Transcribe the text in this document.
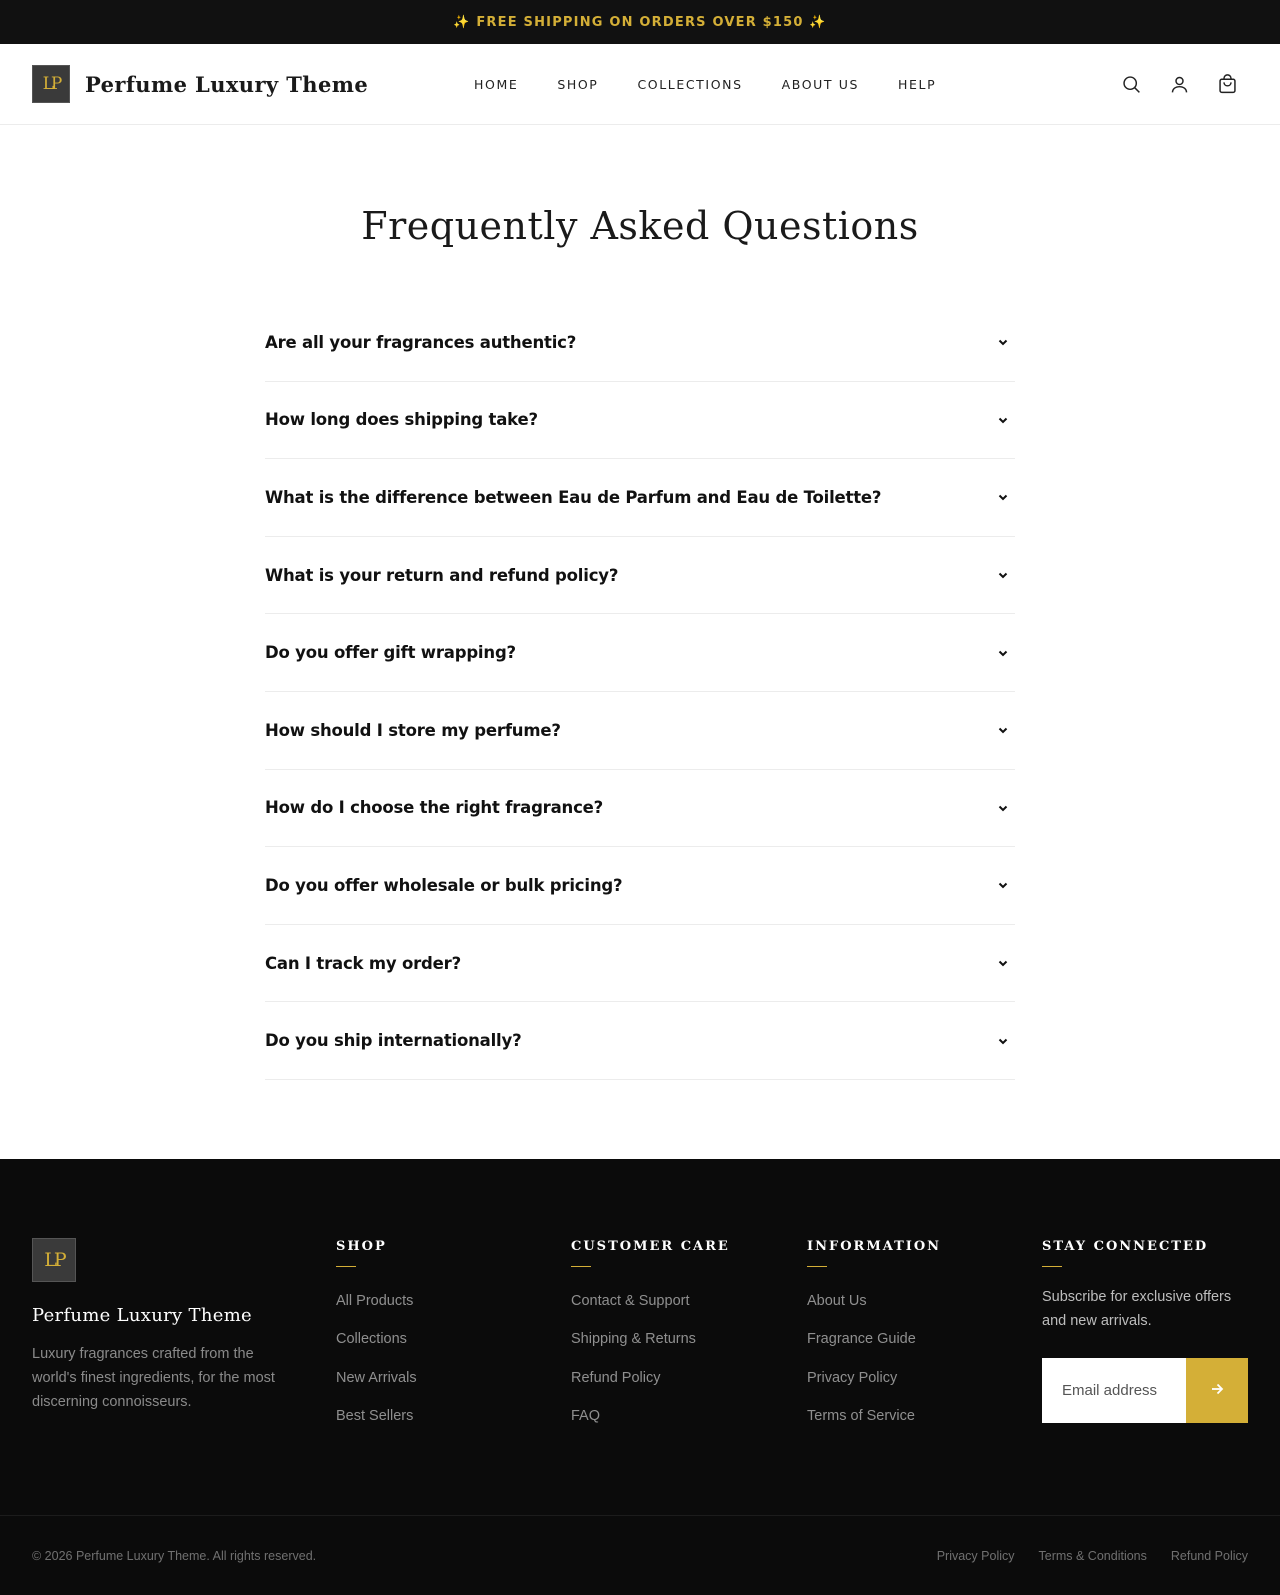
✨ FREE SHIPPING ON ORDERS OVER $150 ✨
LP Perfume Luxury Theme	HOME	SHOP	COLLECTIONS	ABOUT US	HELP
Frequently Asked Questions
Are all your fragrances authentic?
How long does shipping take?
What is the difference between Eau de Parfum and Eau de Toilette?
What is your return and refund policy?
Do you offer gift wrapping?
How should I store my perfume?
How do I choose the right fragrance?
Do you offer wholesale or bulk pricing?
Can I track my order?
Do you ship internationally?
LP
Perfume Luxury Theme

Luxury fragrances crafted from the world's finest ingredients, for the most discerning connoisseurs.

SHOP
All Products
Collections
New Arrivals
Best Sellers
CUSTOMER CARE
Contact & Support
Shipping & Returns
Refund Policy
FAQ
INFORMATION
About Us
Fragrance Guide
Privacy Policy
Terms of Service
STAY CONNECTED

Subscribe for exclusive offers and new arrivals.

Email address
© 2026 Perfume Luxury Theme. All rights reserved.	Privacy Policy Terms & Conditions Refund Policy
